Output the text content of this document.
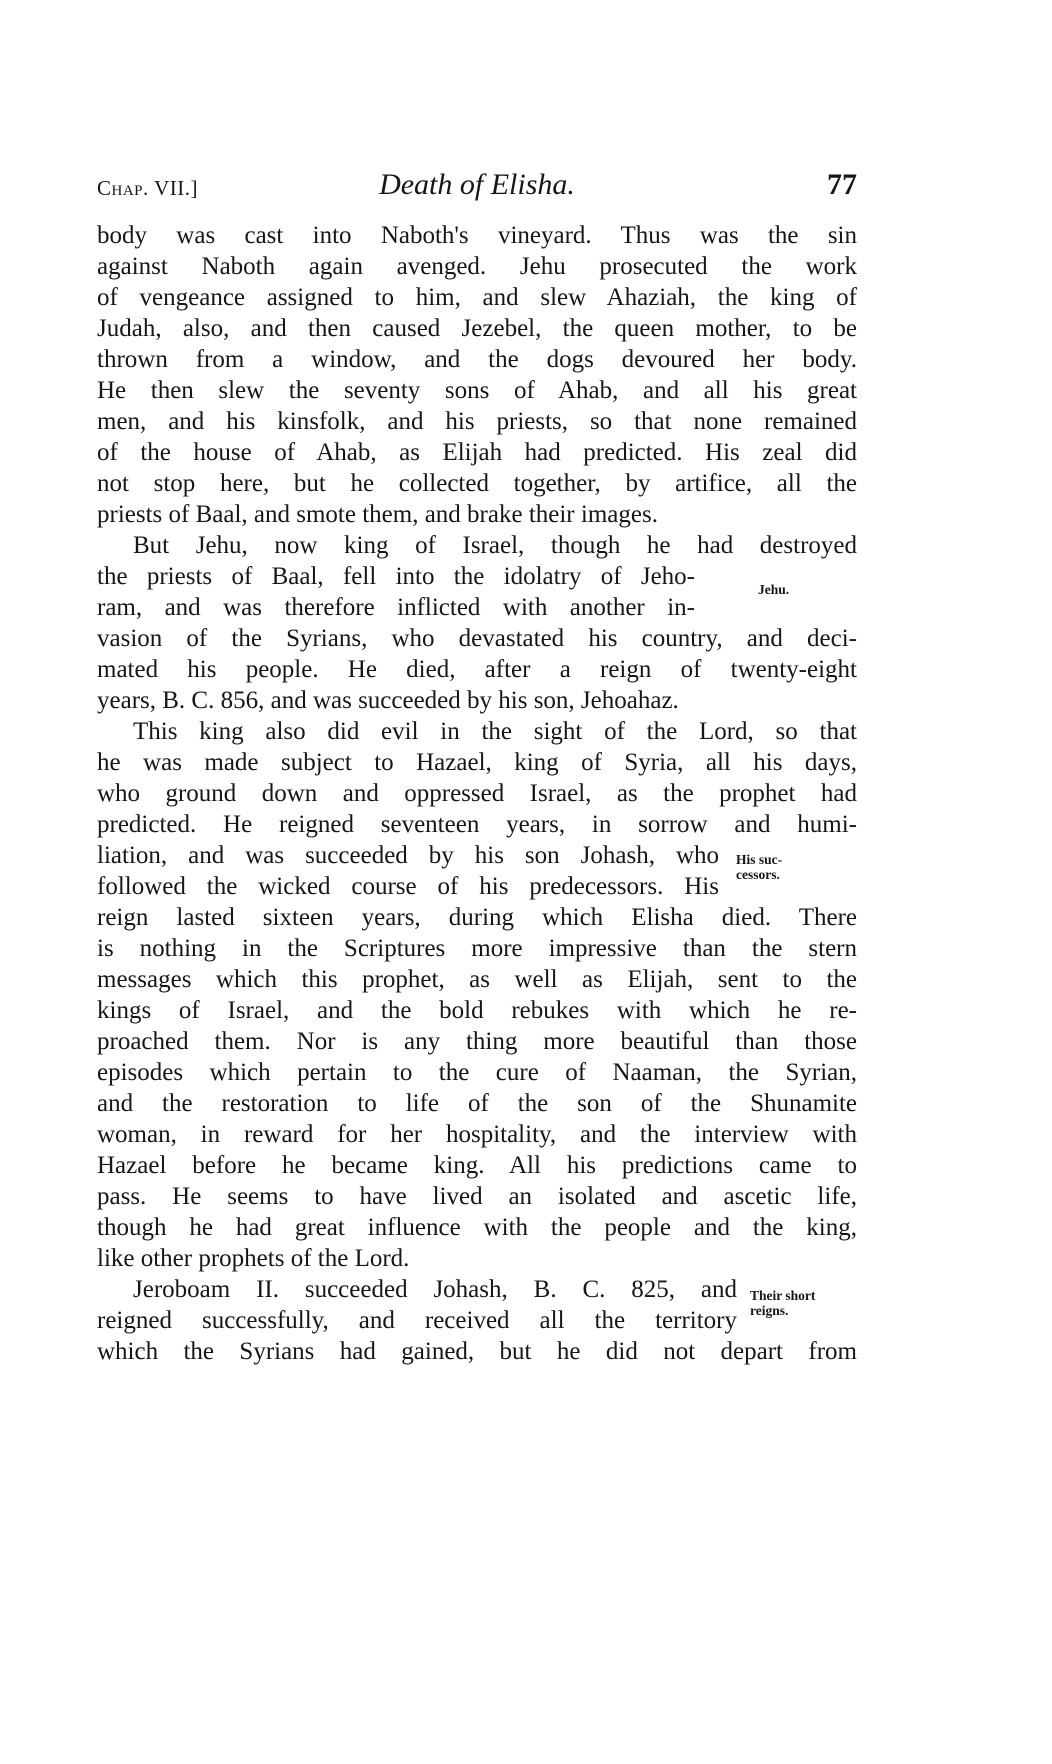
Chap. VII.]	Death of Elisha.	77
body was cast into Naboth's vineyard. Thus was the sin
against Naboth again avenged. Jehu prosecuted the work
of vengeance assigned to him, and slew Ahaziah, the king of
Judah, also, and then caused Jezebel, the queen mother, to be
thrown from a window, and the dogs devoured her body.
He then slew the seventy sons of Ahab, and all his great
men, and his kinsfolk, and his priests, so that none remained
of the house of Ahab, as Elijah had predicted. His zeal did
not stop here, but he collected together, by artifice, all the
priests of Baal, and smote them, and brake their images.
But Jehu, now king of Israel, though he had destroyed
the priests of Baal, fell into the idolatry of Jeho-
ram, and was therefore inflicted with another in-
vasion of the Syrians, who devastated his country, and deci-
mated his people. He died, after a reign of twenty-eight
years, B. C. 856, and was succeeded by his son, Jehoahaz.
Jehu.
This king also did evil in the sight of the Lord, so that
he was made subject to Hazael, king of Syria, all his days,
who ground down and oppressed Israel, as the prophet had
predicted. He reigned seventeen years, in sorrow and humi-
liation, and was succeeded by his son Johash, who
followed the wicked course of his predecessors. His
reign lasted sixteen years, during which Elisha died. There
is nothing in the Scriptures more impressive than the stern
messages which this prophet, as well as Elijah, sent to the
kings of Israel, and the bold rebukes with which he re-
proached them. Nor is any thing more beautiful than those
episodes which pertain to the cure of Naaman, the Syrian,
and the restoration to life of the son of the Shunamite
woman, in reward for her hospitality, and the interview with
Hazael before he became king. All his predictions came to
pass. He seems to have lived an isolated and ascetic life,
though he had great influence with the people and the king,
like other prophets of the Lord.
His suc-
cessors.
Jeroboam II. succeeded Johash, B. C. 825, and
reigned successfully, and received all the territory
which the Syrians had gained, but he did not depart from
Their short
reigns.
